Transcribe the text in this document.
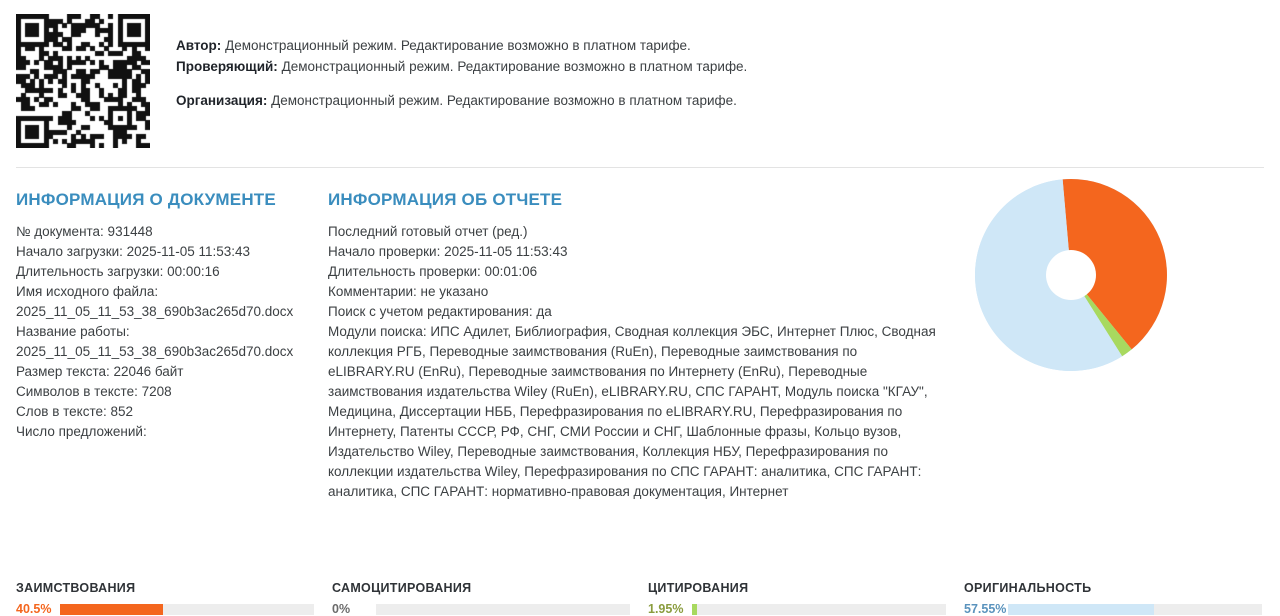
Автор: Демонстрационный режим. Редактирование возможно в платном тарифе.
Проверяющий: Демонстрационный режим. Редактирование возможно в платном тарифе.
Организация: Демонстрационный режим. Редактирование возможно в платном тарифе.
ИНФОРМАЦИЯ О ДОКУМЕНТЕ
№ документа: 931448
Начало загрузки: 2025-11-05 11:53:43
Длительность загрузки: 00:00:16
Имя исходного файла:
2025_11_05_11_53_38_690b3ac265d70.docx
Название работы:
2025_11_05_11_53_38_690b3ac265d70.docx
Размер текста: 22046 байт
Символов в тексте: 7208
Слов в тексте: 852
Число предложений:
ИНФОРМАЦИЯ ОБ ОТЧЕТЕ
Последний готовый отчет (ред.)
Начало проверки: 2025-11-05 11:53:43
Длительность проверки: 00:01:06
Комментарии: не указано
Поиск с учетом редактирования: да
Модули поиска: ИПС Адилет, Библиография, Сводная коллекция ЭБС, Интернет Плюс, Сводная коллекция РГБ, Переводные заимствования (RuEn), Переводные заимствования по eLIBRARY.RU (EnRu), Переводные заимствования по Интернету (EnRu), Переводные заимствования издательства Wiley (RuEn), eLIBRARY.RU, СПС ГАРАНТ, Модуль поиска "КГАУ", Медицина, Диссертации НББ, Перефразирования по eLIBRARY.RU, Перефразирования по Интернету, Патенты СССР, РФ, СНГ, СМИ России и СНГ, Шаблонные фразы, Кольцо вузов, Издательство Wiley, Переводные заимствования, Коллекция НБУ, Перефразирования по коллекции издательства Wiley, Перефразирования по СПС ГАРАНТ: аналитика, СПС ГАРАНТ: аналитика, СПС ГАРАНТ: нормативно-правовая документация, Интернет
ЗАИМСТВОВАНИЯ
40.5%
САМОЦИТИРОВАНИЯ
0%
ЦИТИРОВАНИЯ
1.95%
ОРИГИНАЛЬНОСТЬ
57.55%
